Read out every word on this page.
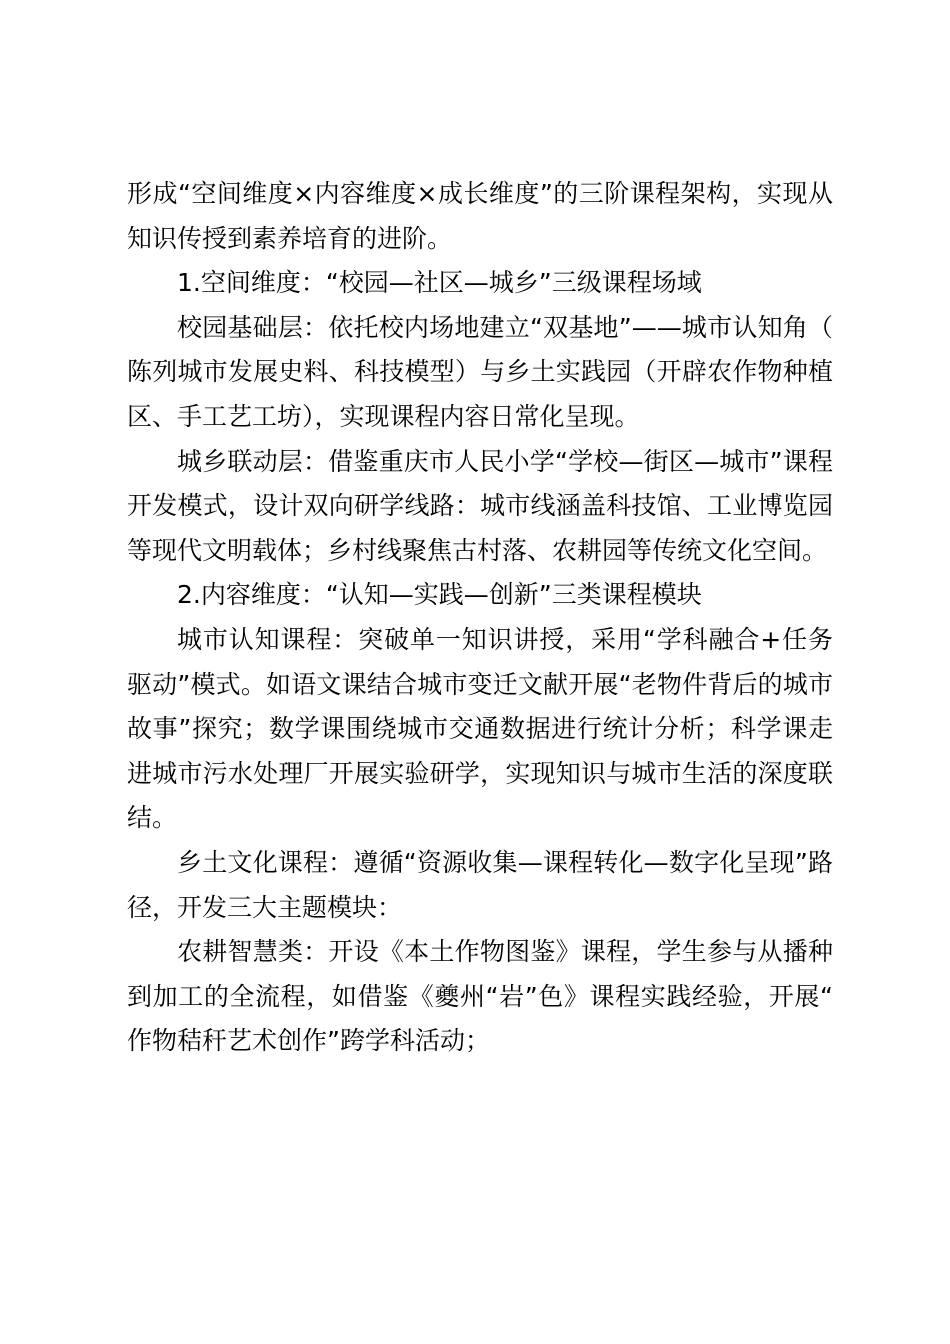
形成“空间维度×内容维度×成长维度”的三阶课程架构，实现从知识传授到素养培育的进阶。

1.空间维度：“校园—社区—城乡”三级课程场域

校园基础层：依托校内场地建立“双基地”——城市认知角（陈列城市发展史料、科技模型）与乡土实践园（开辟农作物种植区、手工艺工坊），实现课程内容日常化呈现。

城乡联动层：借鉴重庆市人民小学“学校—街区—城市”课程开发模式，设计双向研学线路：城市线涵盖科技馆、工业博览园等现代文明载体；乡村线聚焦古村落、农耕园等传统文化空间。

2.内容维度：“认知—实践—创新”三类课程模块

城市认知课程：突破单一知识讲授，采用“学科融合+任务驱动”模式。如语文课结合城市变迁文献开展“老物件背后的城市故事”探究；数学课围绕城市交通数据进行统计分析；科学课走进城市污水处理厂开展实验研学，实现知识与城市生活的深度联结。

乡土文化课程：遵循“资源收集—课程转化—数字化呈现”路径，开发三大主题模块：

农耕智慧类：开设《本土作物图鉴》课程，学生参与从播种到加工的全流程，如借鉴《夔州“岩”色》课程实践经验，开展“作物秸秆艺术创作”跨学科活动；
